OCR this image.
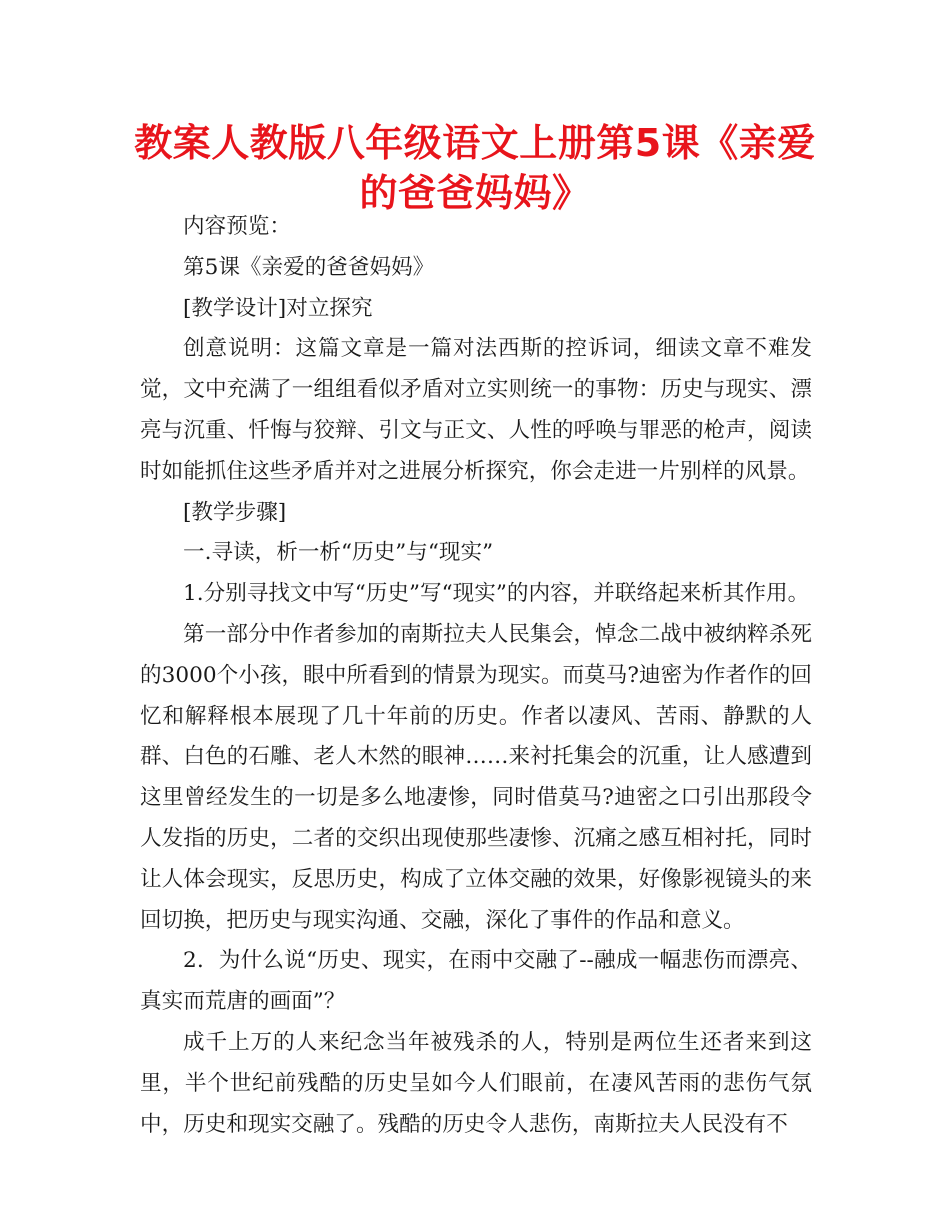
教案人教版八年级语文上册第5课《亲爱的爸爸妈妈》

内容预览：

第5课《亲爱的爸爸妈妈》

[教学设计]对立探究

创意说明：这篇文章是一篇对法西斯的控诉词，细读文章不难发觉，文中充满了一组组看似矛盾对立实则统一的事物：历史与现实、漂亮与沉重、忏悔与狡辩、引文与正文、人性的呼唤与罪恶的枪声，阅读时如能抓住这些矛盾并对之进展分析探究，你会走进一片别样的风景。

[教学步骤]

一.寻读，析一析“历史”与“现实”

1.分别寻找文中写“历史”写“现实”的内容，并联络起来析其作用。

第一部分中作者参加的南斯拉夫人民集会，悼念二战中被纳粹杀死的3000个小孩，眼中所看到的情景为现实。而莫马?迪密为作者作的回忆和解释根本展现了几十年前的历史。作者以凄风、苦雨、静默的人群、白色的石雕、老人木然的眼神……来衬托集会的沉重，让人感遭到这里曾经发生的一切是多么地凄惨，同时借莫马?迪密之口引出那段令人发指的历史，二者的交织出现使那些凄惨、沉痛之感互相衬托，同时让人体会现实，反思历史，构成了立体交融的效果，好像影视镜头的来回切换，把历史与现实沟通、交融，深化了事件的作品和意义。

2．为什么说“历史、现实，在雨中交融了--融成一幅悲伤而漂亮、真实而荒唐的画面”？

成千上万的人来纪念当年被残杀的人，特别是两位生还者来到这里，半个世纪前残酷的历史呈如今人们眼前，在凄风苦雨的悲伤气氛中，历史和现实交融了。残酷的历史令人悲伤，南斯拉夫人民没有不
